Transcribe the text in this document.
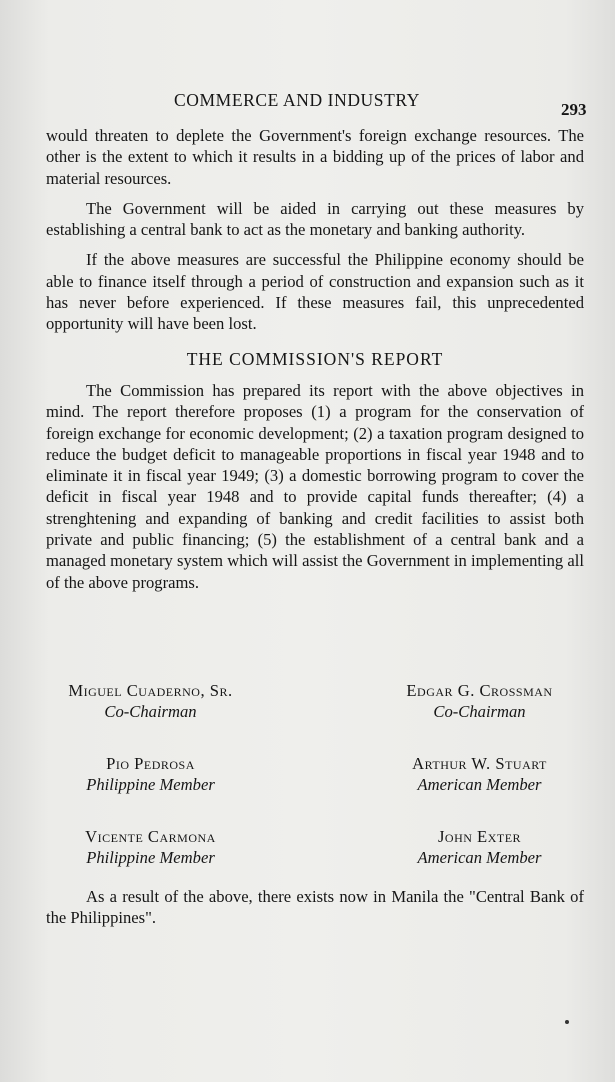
COMMERCE AND INDUSTRY	293

would threaten to deplete the Government's foreign exchange resources. The other is the extent to which it results in a bidding up of the prices of labor and material resources.

The Government will be aided in carrying out these measures by establishing a central bank to act as the monetary and banking authority.

If the above measures are successful the Philippine economy should be able to finance itself through a period of construction and expansion such as it has never before experienced. If these measures fail, this unprecedented opportunity will have been lost.

THE COMMISSION'S REPORT

The Commission has prepared its report with the above objectives in mind. The report therefore proposes (1) a program for the conservation of foreign exchange for economic development; (2) a taxation program designed to reduce the budget deficit to manageable proportions in fiscal year 1948 and to eliminate it in fiscal year 1949; (3) a domestic borrowing program to cover the deficit in fiscal year 1948 and to provide capital funds thereafter; (4) a strenghtening and expanding of banking and credit facilities to assist both private and public financing; (5) the establishment of a central bank and a managed monetary system which will assist the Government in implementing all of the above programs.

Miguel Cuaderno, Sr.
Co-Chairman
Edgar G. Crossman
Co-Chairman
Pio Pedrosa
Philippine Member
Arthur W. Stuart
American Member
Vicente Carmona
Philippine Member
John Exter
American Member

As a result of the above, there exists now in Manila the "Central Bank of the Philippines".
